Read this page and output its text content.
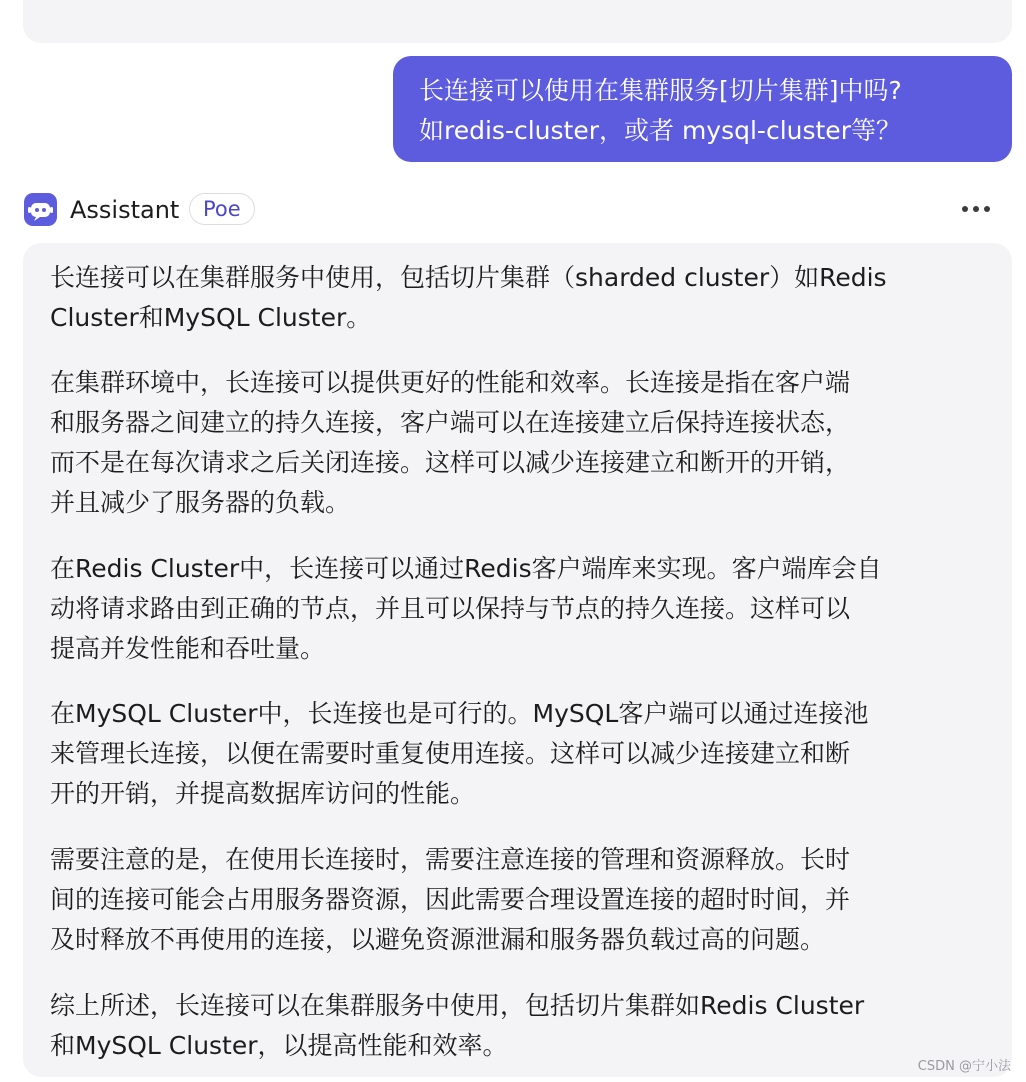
长连接可以使用在集群服务[切片集群]中吗?
如redis-cluster，或者 mysql-cluster等？
Assistant	Poe

长连接可以在集群服务中使用，包括切片集群（sharded cluster）如Redis
Cluster和MySQL Cluster。

在集群环境中，长连接可以提供更好的性能和效率。长连接是指在客户端
和服务器之间建立的持久连接，客户端可以在连接建立后保持连接状态，
而不是在每次请求之后关闭连接。这样可以减少连接建立和断开的开销，
并且减少了服务器的负载。

在Redis Cluster中，长连接可以通过Redis客户端库来实现。客户端库会自
动将请求路由到正确的节点，并且可以保持与节点的持久连接。这样可以
提高并发性能和吞吐量。

在MySQL Cluster中，长连接也是可行的。MySQL客户端可以通过连接池
来管理长连接，以便在需要时重复使用连接。这样可以减少连接建立和断
开的开销，并提高数据库访问的性能。

需要注意的是，在使用长连接时，需要注意连接的管理和资源释放。长时
间的连接可能会占用服务器资源，因此需要合理设置连接的超时时间，并
及时释放不再使用的连接，以避免资源泄漏和服务器负载过高的问题。

综上所述，长连接可以在集群服务中使用，包括切片集群如Redis Cluster
和MySQL Cluster，以提高性能和效率。

CSDN @宁小法
